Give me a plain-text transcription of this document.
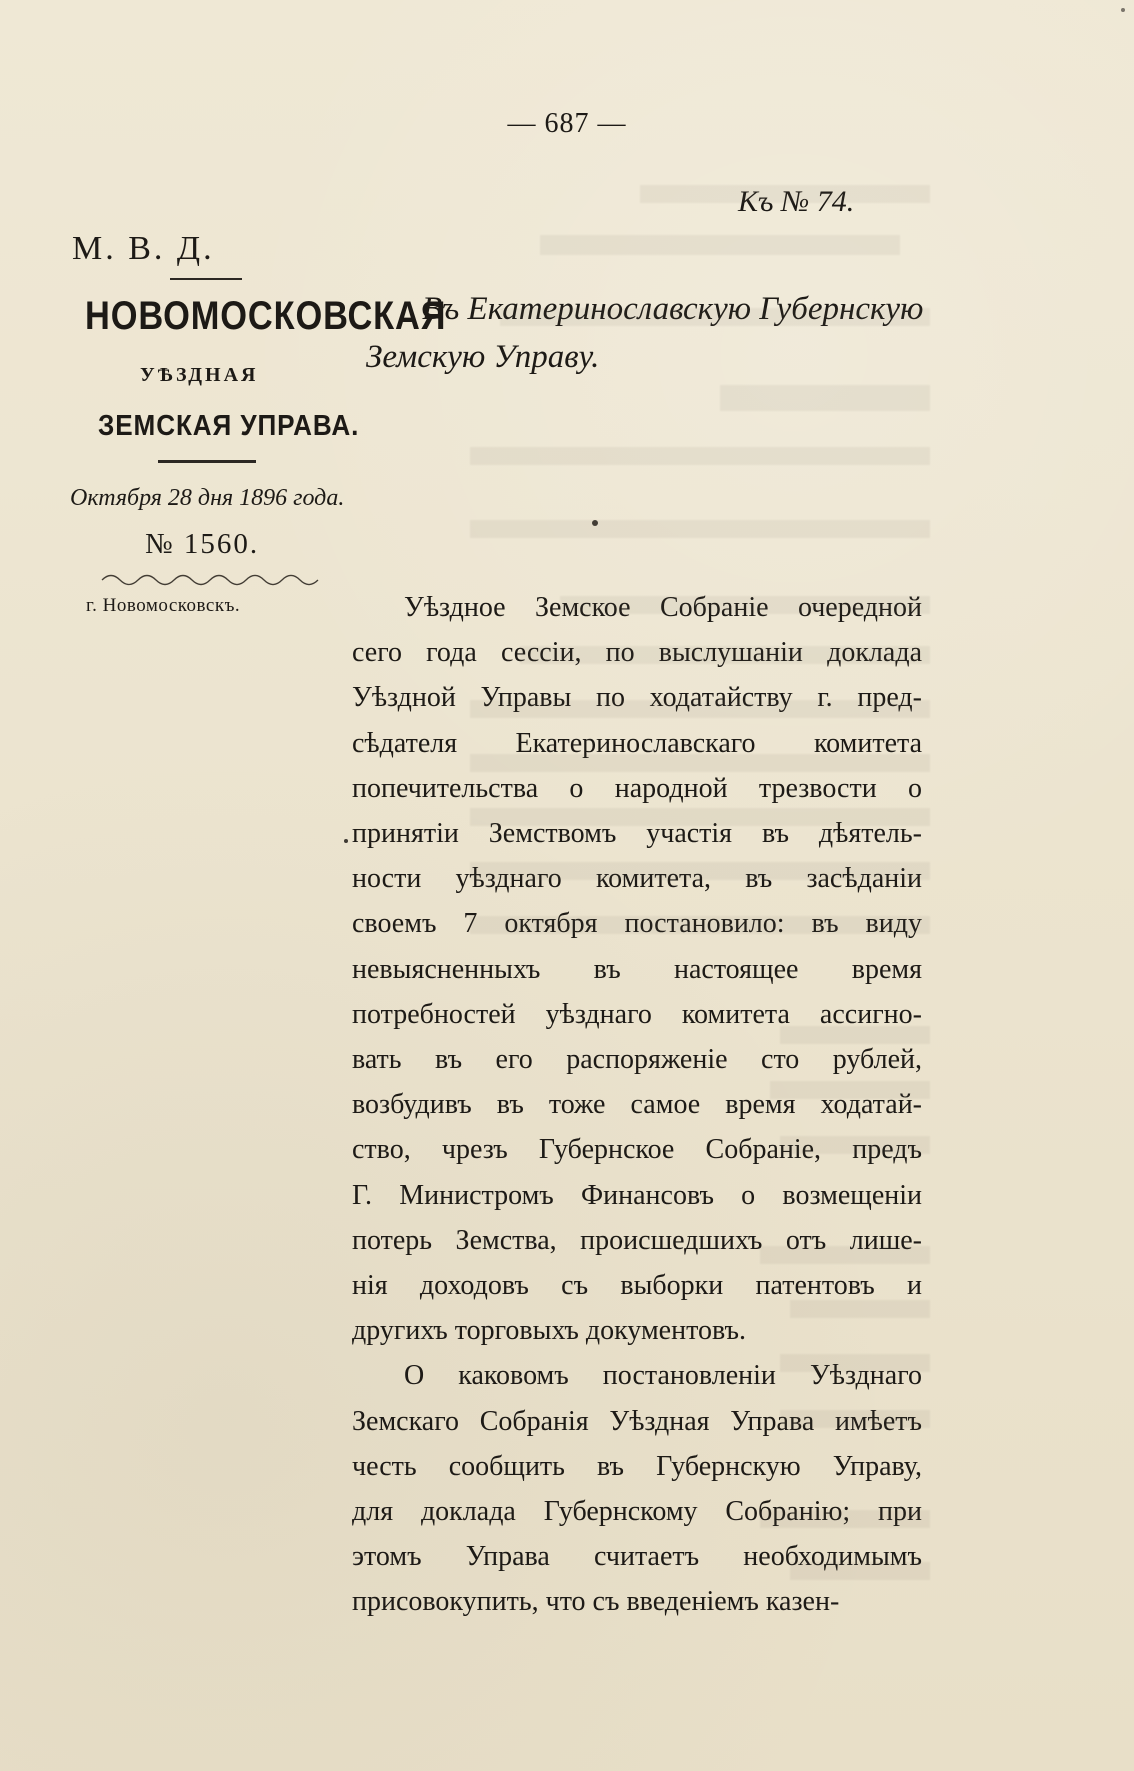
— 687 —
Къ № 74.
М. В. Д.
НОВОМОСКОВСКАЯ
УѢЗДНАЯ
ЗЕМСКАЯ УПРАВА.
Октября 28 дня 1896 года.
№ 1560.
г. Новомосковскъ.
Въ Екатеринославскую Губернскую
Земскую Управу.
Уѣздное Земское Собраніе очередной
сего года сессіи, по выслушаніи доклада
Уѣздной Управы по ходатайству г. пред-
сѣдателя Екатеринославскаго комитета
попечительства о народной трезвости о
принятіи Земствомъ участія въ дѣятель-
ности уѣзднаго комитета, въ засѣданіи
своемъ 7 октября постановило: въ виду
невыясненныхъ въ настоящее время
потребностей уѣзднаго комитета ассигно-
вать въ его распоряженіе сто рублей,
возбудивъ въ тоже самое время ходатай-
ство, чрезъ Губернское Собраніе, предъ
Г. Министромъ Финансовъ о возмещеніи
потерь Земства, происшедшихъ отъ лише-
нія доходовъ съ выборки патентовъ и
другихъ торговыхъ документовъ.
О каковомъ постановленіи Уѣзднаго
Земскаго Собранія Уѣздная Управа имѣетъ
честь сообщить въ Губернскую Управу,
для доклада Губернскому Собранію; при
этомъ Управа считаетъ необходимымъ
присовокупить, что съ введеніемъ казен-
